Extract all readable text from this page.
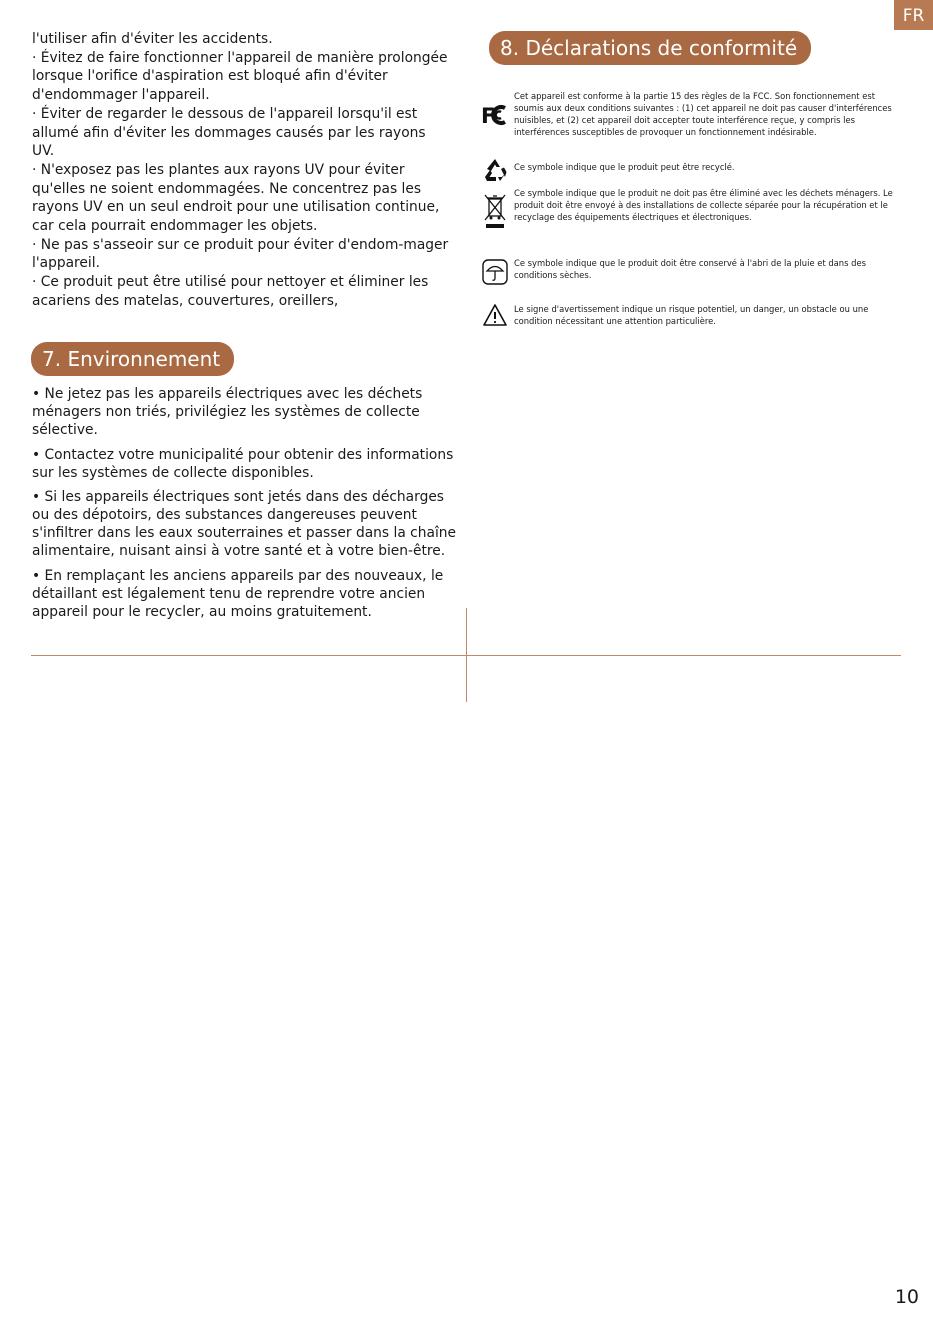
FR

l'utiliser afin d'éviter les accidents.

· Évitez de faire fonctionner l'appareil de manière prolongée lorsque l'orifice d'aspiration est bloqué afin d'éviter d'endommager l'appareil.

· Éviter de regarder le dessous de l'appareil lorsqu'il est allumé afin d'éviter les dommages causés par les rayons UV.

· N'exposez pas les plantes aux rayons UV pour éviter qu'elles ne soient endommagées. Ne concentrez pas les rayons UV en un seul endroit pour une utilisation continue, car cela pourrait endommager les objets.

· Ne pas s'asseoir sur ce produit pour éviter d'endom-mager l'appareil.

· Ce produit peut être utilisé pour nettoyer et éliminer les acariens des matelas, couvertures, oreillers,

7. Environnement

• Ne jetez pas les appareils électriques avec les déchets ménagers non triés, privilégiez les systèmes de collecte sélective.

• Contactez votre municipalité pour obtenir des informations sur les systèmes de collecte disponibles.

• Si les appareils électriques sont jetés dans des décharges ou des dépotoirs, des substances dangereuses peuvent s'infiltrer dans les eaux souterraines et passer dans la chaîne alimentaire, nuisant ainsi à votre santé et à votre bien-être.

• En remplaçant les anciens appareils par des nouveaux, le détaillant est légalement tenu de reprendre votre ancien appareil pour le recycler, au moins gratuitement.

8. Déclarations de conformité
F
Cet appareil est conforme à la partie 15 des règles de la FCC. Son fonctionnement est soumis aux deux conditions suivantes : (1) cet appareil ne doit pas causer d'interférences nuisibles, et (2) cet appareil doit accepter toute interférence reçue, y compris les interférences susceptibles de provoquer un fonctionnement indésirable.
Ce symbole indique que le produit peut être recyclé.
Ce symbole indique que le produit ne doit pas être éliminé avec les déchets ménagers. Le produit doit être envoyé à des installations de collecte séparée pour la récupération et le recyclage des équipements électriques et électroniques.
Ce symbole indique que le produit doit être conservé à l'abri de la pluie et dans des conditions sèches.
Le signe d'avertissement indique un risque potentiel, un danger, un obstacle ou une condition nécessitant une attention particulière.
10
